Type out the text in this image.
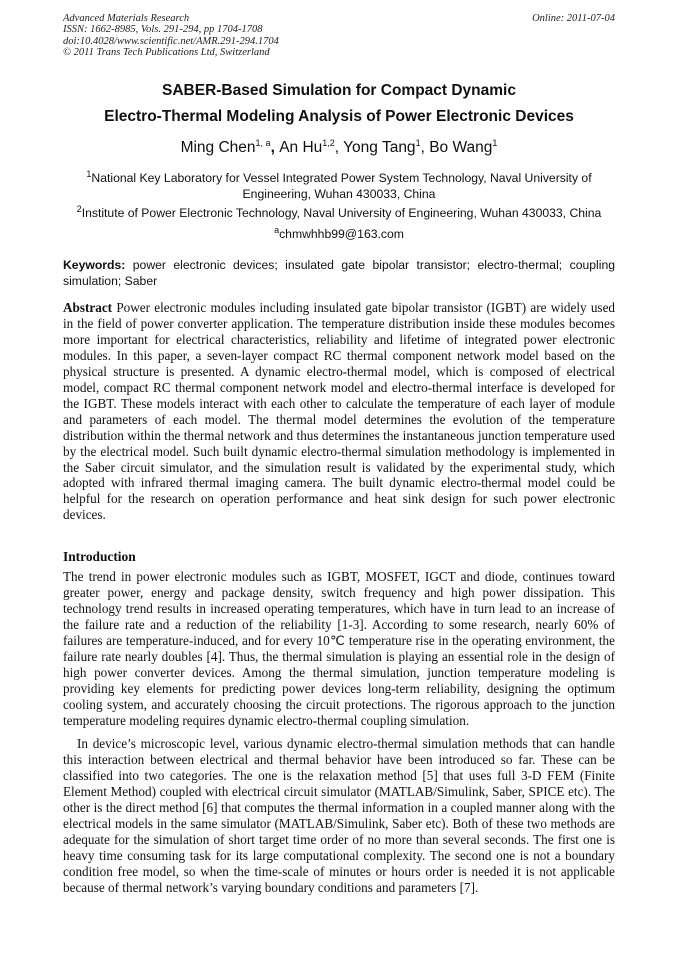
Advanced Materials Research
ISSN: 1662-8985, Vols. 291-294, pp 1704-1708
doi:10.4028/www.scientific.net/AMR.291-294.1704
© 2011 Trans Tech Publications Ltd, Switzerland
Online: 2011-07-04
SABER-Based Simulation for Compact Dynamic
Electro-Thermal Modeling Analysis of Power Electronic Devices
Ming Chen$^{1, a}$, An Hu$^{1,2}$, Yong Tang$^1$, Bo Wang$^1$
$^1$National Key Laboratory for Vessel Integrated Power System Technology, Naval University of Engineering, Wuhan 430033, China
$^2$Institute of Power Electronic Technology, Naval University of Engineering, Wuhan 430033, China
$^a$chmwhhb99@163.com
Keywords: power electronic devices; insulated gate bipolar transistor; electro-thermal; coupling simulation; Saber

Abstract Power electronic modules including insulated gate bipolar transistor (IGBT) are widely used in the field of power converter application. The temperature distribution inside these modules becomes more important for electrical characteristics, reliability and lifetime of integrated power electronic modules. In this paper, a seven-layer compact RC thermal component network model based on the physical structure is presented. A dynamic electro-thermal model, which is composed of electrical model, compact RC thermal component network model and electro-thermal interface is developed for the IGBT. These models interact with each other to calculate the temperature of each layer of module and parameters of each model. The thermal model determines the evolution of the temperature distribution within the thermal network and thus determines the instantaneous junction temperature used by the electrical model. Such built dynamic electro-thermal simulation methodology is implemented in the Saber circuit simulator, and the simulation result is validated by the experimental study, which adopted with infrared thermal imaging camera. The built dynamic electro-thermal model could be helpful for the research on operation performance and heat sink design for such power electronic devices.

Introduction

The trend in power electronic modules such as IGBT, MOSFET, IGCT and diode, continues toward greater power, energy and package density, switch frequency and high power dissipation. This technology trend results in increased operating temperatures, which have in turn lead to an increase of the failure rate and a reduction of the reliability [1-3]. According to some research, nearly 60% of failures are temperature-induced, and for every 10℃ temperature rise in the operating environment, the failure rate nearly doubles [4]. Thus, the thermal simulation is playing an essential role in the design of high power converter devices. Among the thermal simulation, junction temperature modeling is providing key elements for predicting power devices long-term reliability, designing the optimum cooling system, and accurately choosing the circuit protections. The rigorous approach to the junction temperature modeling requires dynamic electro-thermal coupling simulation.

In device’s microscopic level, various dynamic electro-thermal simulation methods that can handle this interaction between electrical and thermal behavior have been introduced so far. These can be classified into two categories. The one is the relaxation method [5] that uses full 3-D FEM (Finite Element Method) coupled with electrical circuit simulator (MATLAB/Simulink, Saber, SPICE etc). The other is the direct method [6] that computes the thermal information in a coupled manner along with the electrical models in the same simulator (MATLAB/Simulink, Saber etc). Both of these two methods are adequate for the simulation of short target time order of no more than several seconds. The first one is heavy time consuming task for its large computational complexity. The second one is not a boundary condition free model, so when the time-scale of minutes or hours order is needed it is not applicable because of thermal network’s varying boundary conditions and parameters [7].
